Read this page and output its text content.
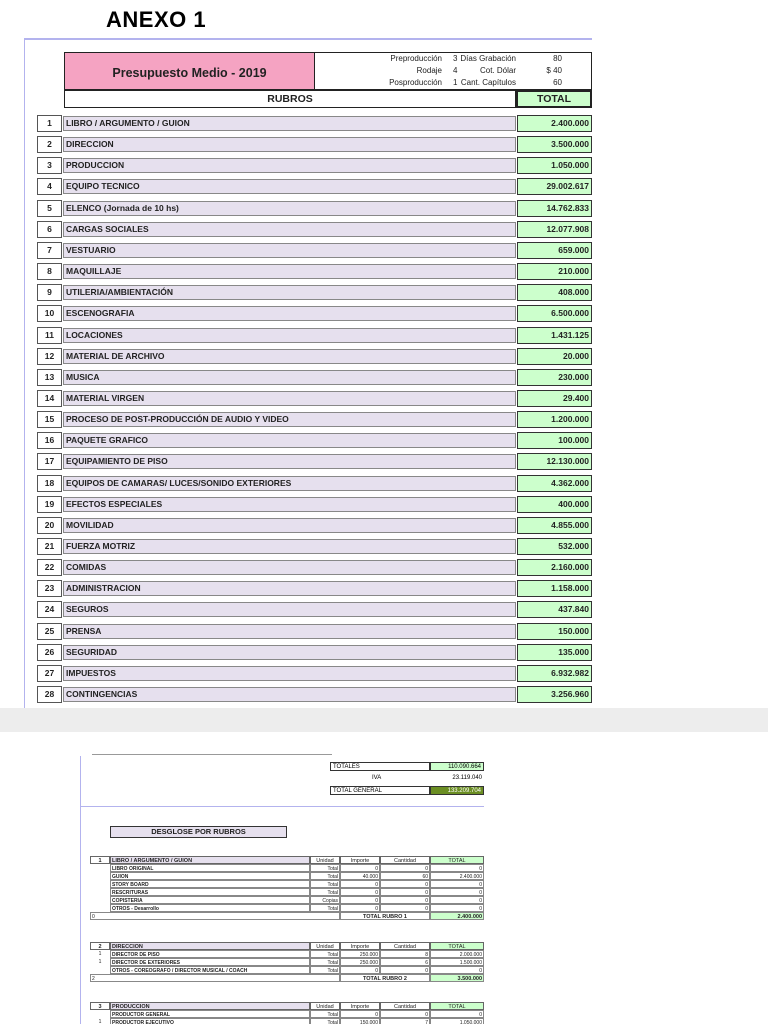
ANEXO 1
Presupuesto Medio - 2019
Preproducción 3 Días Grabación	80
Rodaje 4	Cot. Dólar	$ 40
Posproducción 1 Cant. Capítulos	60
RUBROS	TOTAL
1	LIBRO / ARGUMENTO / GUION	2.400.000
2	DIRECCION	3.500.000
3	PRODUCCION	1.050.000
4	EQUIPO TECNICO	29.002.617
5	ELENCO (Jornada de 10 hs)	14.762.833
6	CARGAS SOCIALES	12.077.908
7	VESTUARIO	659.000
8	MAQUILLAJE	210.000
9	UTILERIA/AMBIENTACIÓN	408.000
10	ESCENOGRAFIA	6.500.000
11	LOCACIONES	1.431.125
12	MATERIAL DE ARCHIVO	20.000
13	MUSICA	230.000
14	MATERIAL VIRGEN	29.400
15	PROCESO DE POST-PRODUCCIÓN DE AUDIO Y VIDEO	1.200.000
16	PAQUETE GRAFICO	100.000
17	EQUIPAMIENTO DE PISO	12.130.000
18	EQUIPOS DE CAMARAS/ LUCES/SONIDO EXTERIORES	4.362.000
19	EFECTOS ESPECIALES	400.000
20	MOVILIDAD	4.855.000
21	FUERZA MOTRIZ	532.000
22	COMIDAS	2.160.000
23	ADMINISTRACION	1.158.000
24	SEGUROS	437.840
25	PRENSA	150.000
26	SEGURIDAD	135.000
27	IMPUESTOS	6.932.982
28	CONTINGENCIAS	3.256.960
TOTALES	110.090.664
IVA	23.119.040
TOTAL GENERAL	133.209.704
DESGLOSE POR RUBROS
1	LIBRO / ARGUMENTO / GUION	Unidad	Importe	Cantidad	TOTAL
LIBRO ORIGINAL	Total	0	0	0
GUION	Total	40.000	60	2.400.000
STORY BOARD	Total	0	0	0
RESCRITURAS	Total	0	0	0
COPISTERIA	Copias	0	0	0
OTROS - Desarrollo	Total	0	0	0
0	TOTAL RUBRO 1	2.400.000
2	DIRECCION	Unidad	Importe	Cantidad	TOTAL
1	DIRECTOR DE PISO	Total	250.000	8	2.000.000
1	DIRECTOR DE EXTERIORES	Total	250.000	6	1.500.000
OTROS - COREOGRAFO / DIRECTOR MUSICAL / COACH	Total	0	0	0
2	TOTAL RUBRO 2	3.500.000
3	PRODUCCION	Unidad	Importe	Cantidad	TOTAL
PRODUCTOR GENERAL	Total	0	0	0
1	PRODUCTOR EJECUTIVO	Total	150.000	7	1.050.000
